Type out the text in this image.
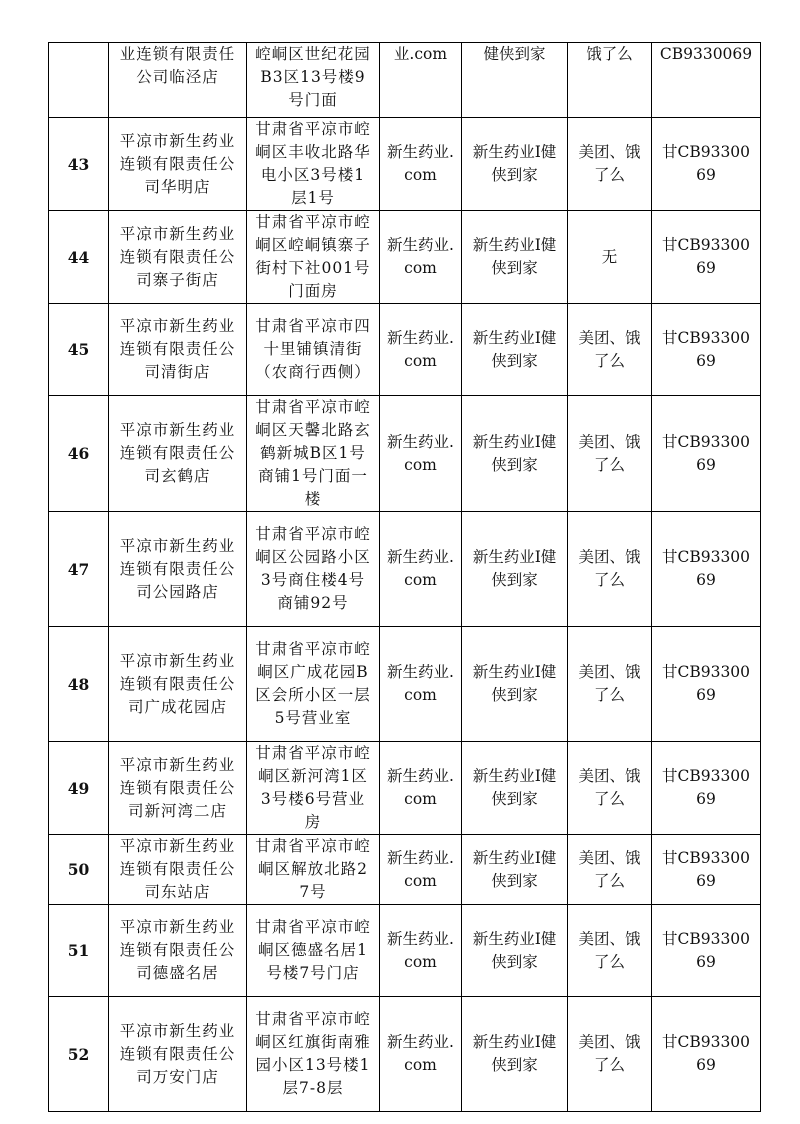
	业连锁有限责任公司临泾店	崆峒区世纪花园B3区13号楼9号门面	业.com	健侠到家	饿了么	CB9330069
43	平凉市新生药业连锁有限责任公司华明店	甘肃省平凉市崆峒区丰收北路华电小区3号楼1层1号	新生药业.com	新生药业I健侠到家	美团、饿了么	甘CB9330069
44	平凉市新生药业连锁有限责任公司寨子街店	甘肃省平凉市崆峒区崆峒镇寨子街村下社001号门面房	新生药业.com	新生药业I健侠到家	无	甘CB9330069
45	平凉市新生药业连锁有限责任公司清街店	甘肃省平凉市四十里铺镇清街（农商行西侧）	新生药业.com	新生药业I健侠到家	美团、饿了么	甘CB9330069
46	平凉市新生药业连锁有限责任公司玄鹤店	甘肃省平凉市崆峒区天馨北路玄鹤新城B区1号商铺1号门面一楼	新生药业.com	新生药业I健侠到家	美团、饿了么	甘CB9330069
47	平凉市新生药业连锁有限责任公司公园路店	甘肃省平凉市崆峒区公园路小区3号商住楼4号商铺92号	新生药业.com	新生药业I健侠到家	美团、饿了么	甘CB9330069
48	平凉市新生药业连锁有限责任公司广成花园店	甘肃省平凉市崆峒区广成花园B区会所小区一层5号营业室	新生药业.com	新生药业I健侠到家	美团、饿了么	甘CB9330069
49	平凉市新生药业连锁有限责任公司新河湾二店	甘肃省平凉市崆峒区新河湾1区3号楼6号营业房	新生药业.com	新生药业I健侠到家	美团、饿了么	甘CB9330069
50	平凉市新生药业连锁有限责任公司东站店	甘肃省平凉市崆峒区解放北路27号	新生药业.com	新生药业I健侠到家	美团、饿了么	甘CB9330069
51	平凉市新生药业连锁有限责任公司德盛名居	甘肃省平凉市崆峒区德盛名居1号楼7号门店	新生药业.com	新生药业I健侠到家	美团、饿了么	甘CB9330069
52	平凉市新生药业连锁有限责任公司万安门店	甘肃省平凉市崆峒区红旗街南雅园小区13号楼1层7-8层	新生药业.com	新生药业I健侠到家	美团、饿了么	甘CB9330069
